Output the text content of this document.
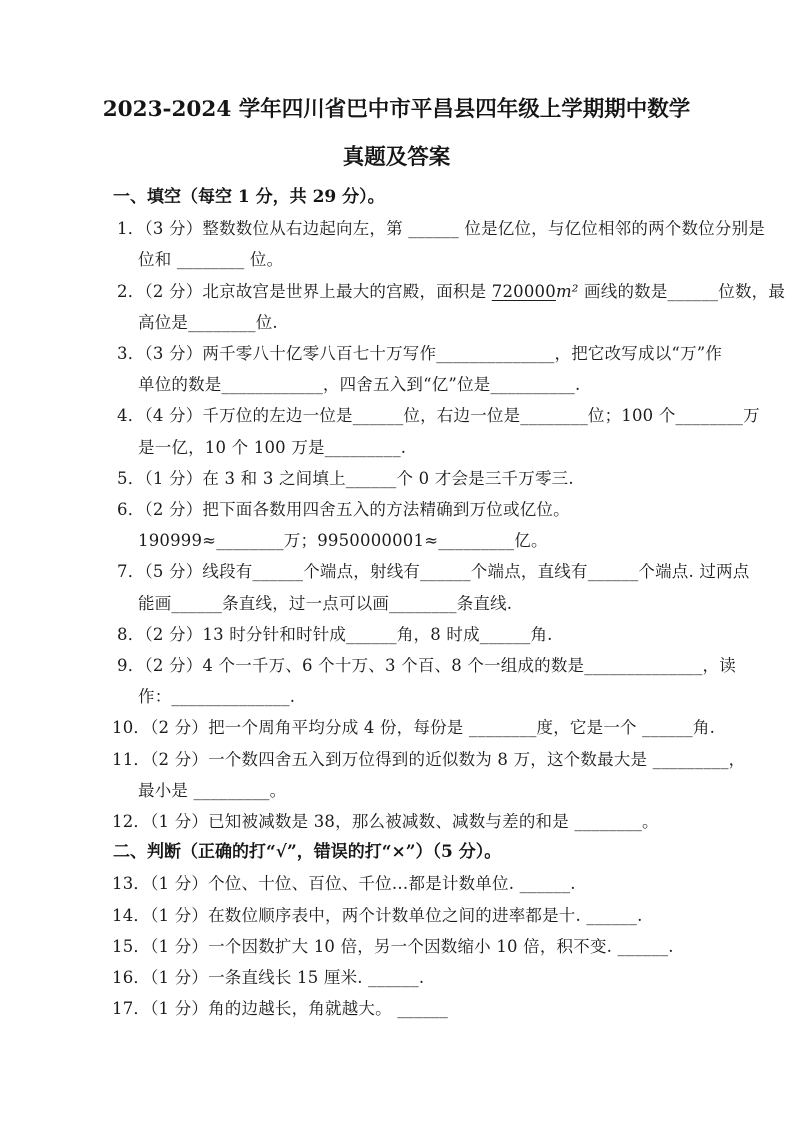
2023-2024 学年四川省巴中市平昌县四年级上学期期中数学
真题及答案
一、填空（每空 1 分，共 29 分）。
1．（3 分）整数数位从右边起向左，第 ______ 位是亿位，与亿位相邻的两个数位分别是
位和 ________ 位。
2．（2 分）北京故宫是世界上最大的宫殿，面积是 720000m² 画线的数是______位数，最
高位是________位.
3．（3 分）两千零八十亿零八百七十万写作______________，把它改写成以“万”作
单位的数是____________，四舍五入到“亿”位是__________.
4．（4 分）千万位的左边一位是______位，右边一位是________位；100 个________万
是一亿，10 个 100 万是_________.
5．（1 分）在 3 和 3 之间填上______个 0 才会是三千万零三.
6．（2 分）把下面各数用四舍五入的方法精确到万位或亿位。
190999≈________万；9950000001≈_________亿。
7．（5 分）线段有______个端点，射线有______个端点，直线有______个端点. 过两点
能画______条直线，过一点可以画________条直线.
8．（2 分）13 时分针和时针成______角，8 时成______角.
9．（2 分）4 个一千万、6 个十万、3 个百、8 个一组成的数是______________，读
作：______________.
10．（2 分）把一个周角平均分成 4 份，每份是 ________度，它是一个 ______角.
11．（2 分）一个数四舍五入到万位得到的近似数为 8 万，这个数最大是 _________，
最小是 _________。
12．（1 分）已知被减数是 38，那么被减数、减数与差的和是 ________。
二、判断（正确的打“√”，错误的打“×”）（5 分）。
13．（1 分）个位、十位、百位、千位…都是计数单位. ______.
14．（1 分）在数位顺序表中，两个计数单位之间的进率都是十. ______.
15．（1 分）一个因数扩大 10 倍，另一个因数缩小 10 倍，积不变. ______.
16．（1 分）一条直线长 15 厘米. ______.
17．（1 分）角的边越长，角就越大。 ______
